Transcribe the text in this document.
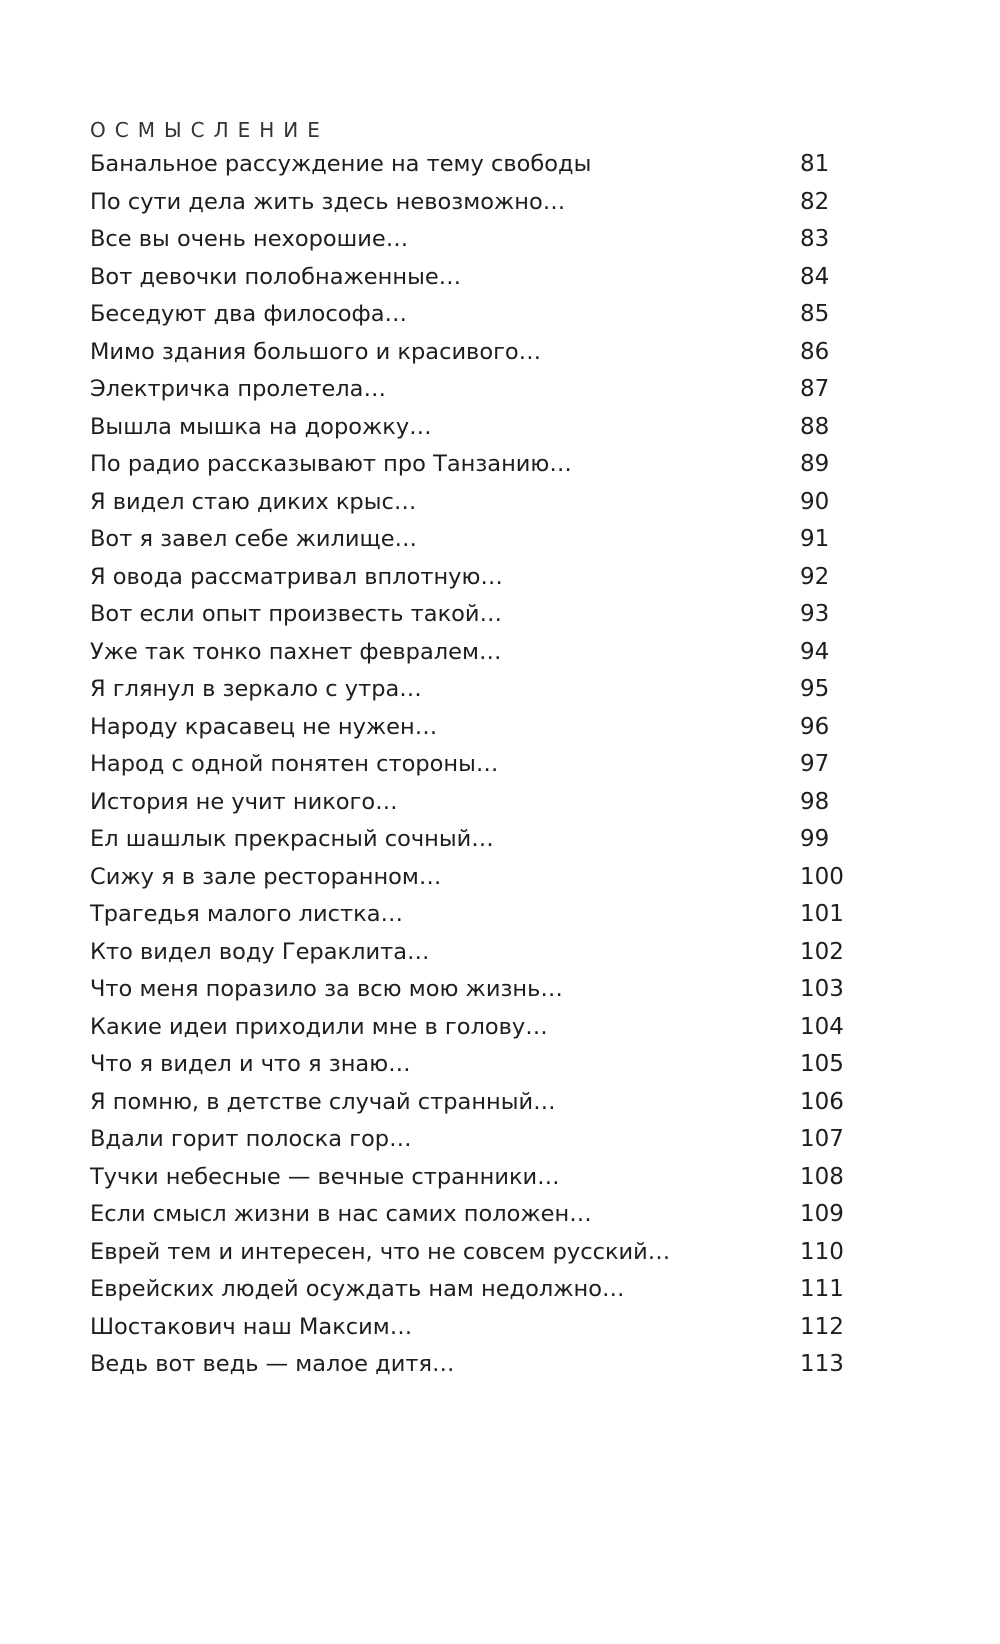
ОСМЫСЛЕНИЕ
Банальное рассуждение на тему свободы	81
По сути дела жить здесь невозможно…	82
Все вы очень нехорошие…	83
Вот девочки полобнаженные…	84
Беседуют два философа…	85
Мимо здания большого и красивого…	86
Электричка пролетела…	87
Вышла мышка на дорожку…	88
По радио рассказывают про Танзанию…	89
Я видел стаю диких крыс…	90
Вот я завел себе жилище…	91
Я овода рассматривал вплотную…	92
Вот если опыт произвесть такой…	93
Уже так тонко пахнет февралем…	94
Я глянул в зеркало с утра…	95
Народу красавец не нужен…	96
Народ с одной понятен стороны…	97
История не учит никого…	98
Ел шашлык прекрасный сочный…	99
Сижу я в зале ресторанном…	100
Трагедья малого листка…	101
Кто видел воду Гераклита…	102
Что меня поразило за всю мою жизнь…	103
Какие идеи приходили мне в голову…	104
Что я видел и что я знаю…	105
Я помню, в детстве случай странный…	106
Вдали горит полоска гор…	107
Тучки небесные — вечные странники…	108
Если смысл жизни в нас самих положен…	109
Еврей тем и интересен, что не совсем русский…	110
Еврейских людей осуждать нам недолжно…	111
Шостакович наш Максим…	112
Ведь вот ведь — малое дитя…	113
